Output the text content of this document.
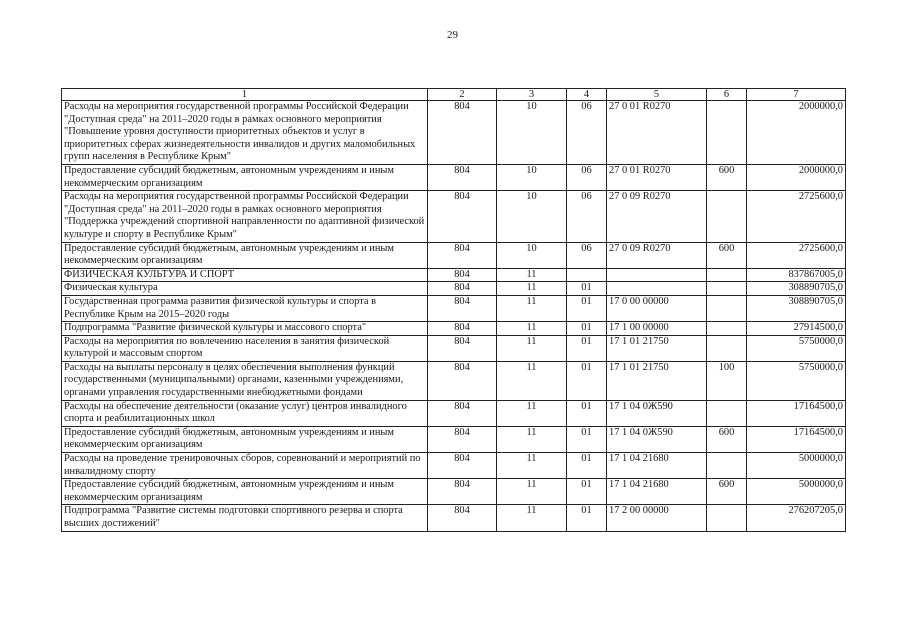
29
1	2	3	4	5	6	7
Расходы на мероприятия государственной программы Российской Федерации "Доступная среда" на 2011–2020 годы в рамках основного мероприятия "Повышение уровня доступности приоритетных объектов и услуг в приоритетных сферах жизнедеятельности инвалидов и других маломобильных групп населения в Республике Крым"	804	10	06	27 0 01 R0270		2000000,0
Предоставление субсидий бюджетным, автономным учреждениям и иным некоммерческим организациям	804	10	06	27 0 01 R0270	600	2000000,0
Расходы на мероприятия государственной программы Российской Федерации "Доступная среда" на 2011–2020 годы в рамках основного мероприятия "Поддержка учреждений спортивной направленности по адаптивной физической культуре и спорту в Республике Крым"	804	10	06	27 0 09 R0270		2725600,0
Предоставление субсидий бюджетным, автономным учреждениям и иным некоммерческим организациям	804	10	06	27 0 09 R0270	600	2725600,0
ФИЗИЧЕСКАЯ КУЛЬТУРА И СПОРТ	804	11				837867005,0
Физическая культура	804	11	01			308890705,0
Государственная программа развития физической культуры и спорта в Республике Крым на 2015–2020 годы	804	11	01	17 0 00 00000		308890705,0
Подпрограмма "Развитие физической культуры и массового спорта"	804	11	01	17 1 00 00000		27914500,0
Расходы на мероприятия по вовлечению населения в занятия физической культурой и массовым спортом	804	11	01	17 1 01 21750		5750000,0
Расходы на выплаты персоналу в целях обеспечения выполнения функций государственными (муниципальными) органами, казенными учреждениями, органами управления государственными внебюджетными фондами	804	11	01	17 1 01 21750	100	5750000,0
Расходы на обеспечение деятельности (оказание услуг) центров инвалидного спорта и реабилитационных школ	804	11	01	17 1 04 0Ж590		17164500,0
Предоставление субсидий бюджетным, автономным учреждениям и иным некоммерческим организациям	804	11	01	17 1 04 0Ж590	600	17164500,0
Расходы на проведение тренировочных сборов, соревнований и мероприятий по инвалидному спорту	804	11	01	17 1 04 21680		5000000,0
Предоставление субсидий бюджетным, автономным учреждениям и иным некоммерческим организациям	804	11	01	17 1 04 21680	600	5000000,0
Подпрограмма "Развитие системы подготовки спортивного резерва и спорта высших достижений"	804	11	01	17 2 00 00000		276207205,0
